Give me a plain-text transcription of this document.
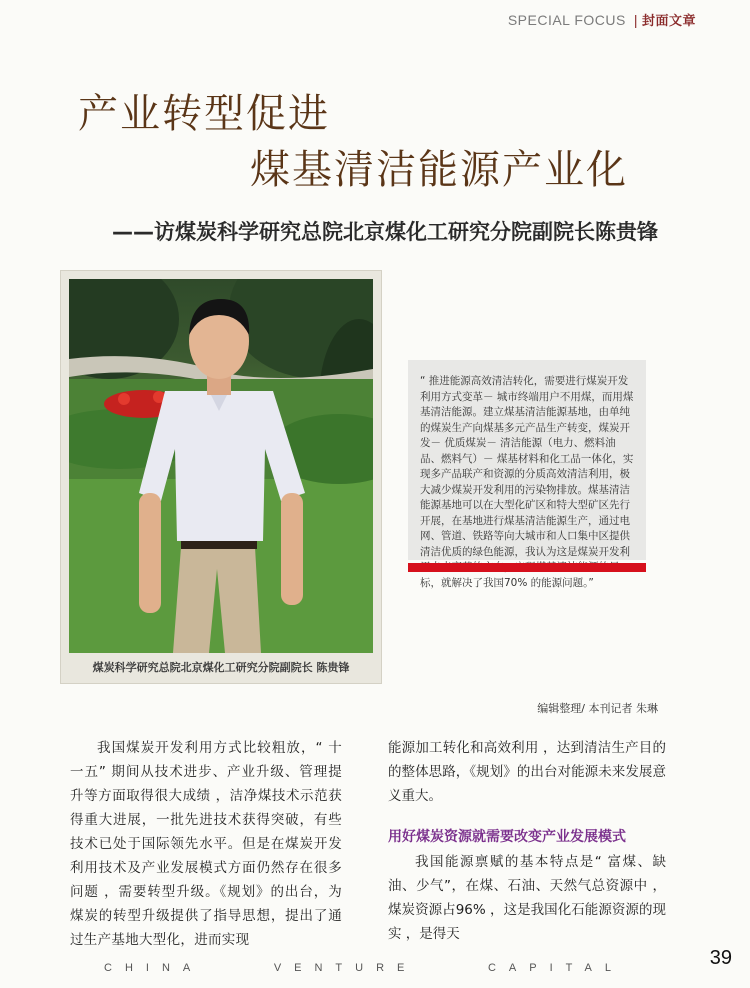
SPECIAL FOCUS | 封面文章
产业转型促进
煤基清洁能源产业化
——访煤炭科学研究总院北京煤化工研究分院副院长陈贵锋
煤炭科学研究总院北京煤化工研究分院副院长 陈贵锋
“ 推进能源高效清洁转化，需要进行煤炭开发利用方式变革－ 城市终端用户不用煤，而用煤基清洁能源。建立煤基清洁能源基地，由单纯的煤炭生产向煤基多元产品生产转变，煤炭开发－ 优质煤炭－ 清洁能源（电力、燃料油品、燃料气）－ 煤基材料和化工品一体化，实现多产品联产和资源的分质高效清洁利用，极大减少煤炭开发利用的污染物排放。煤基清洁能源基地可以在大型化矿区和特大型矿区先行开展，在基地进行煤基清洁能源生产，通过电网、管道、铁路等向大城市和人口集中区提供清洁优质的绿色能源，我认为这是煤炭开发利 标，就解决了我国70% 的能源问题。”
编辑整理/ 本刊记者 朱琳
我国煤炭开发利用方式比较粗放，“ 十一五” 期间从技术进步、产业升级、管理提升等方面取得很大成绩 ，洁净煤技术示范获得重大进展，一批先进技术获得突破，有些技术已处于国际领先水平。但是在煤炭开发利用技术及产业发展模式方面仍然存在很多问题 ，需要转型升级。《规划》的出台，为煤炭的转型升级提供了指导思想，提出了通过生产基地大型化，进而实现
能源加工转化和高效利用 ，达到清洁生产目的的整体思路，《规划》的出台对能源未来发展意义重大。
用好煤炭资源就需要改变产业发展模式
我国能源禀赋的基本特点是“ 富煤、缺油、少气”，在煤、石油、天然气总资源中 ，煤炭资源占96% ，这是我国化石能源资源的现实 ，是得天
CHINA	VENTURE	CAPITAL	39
